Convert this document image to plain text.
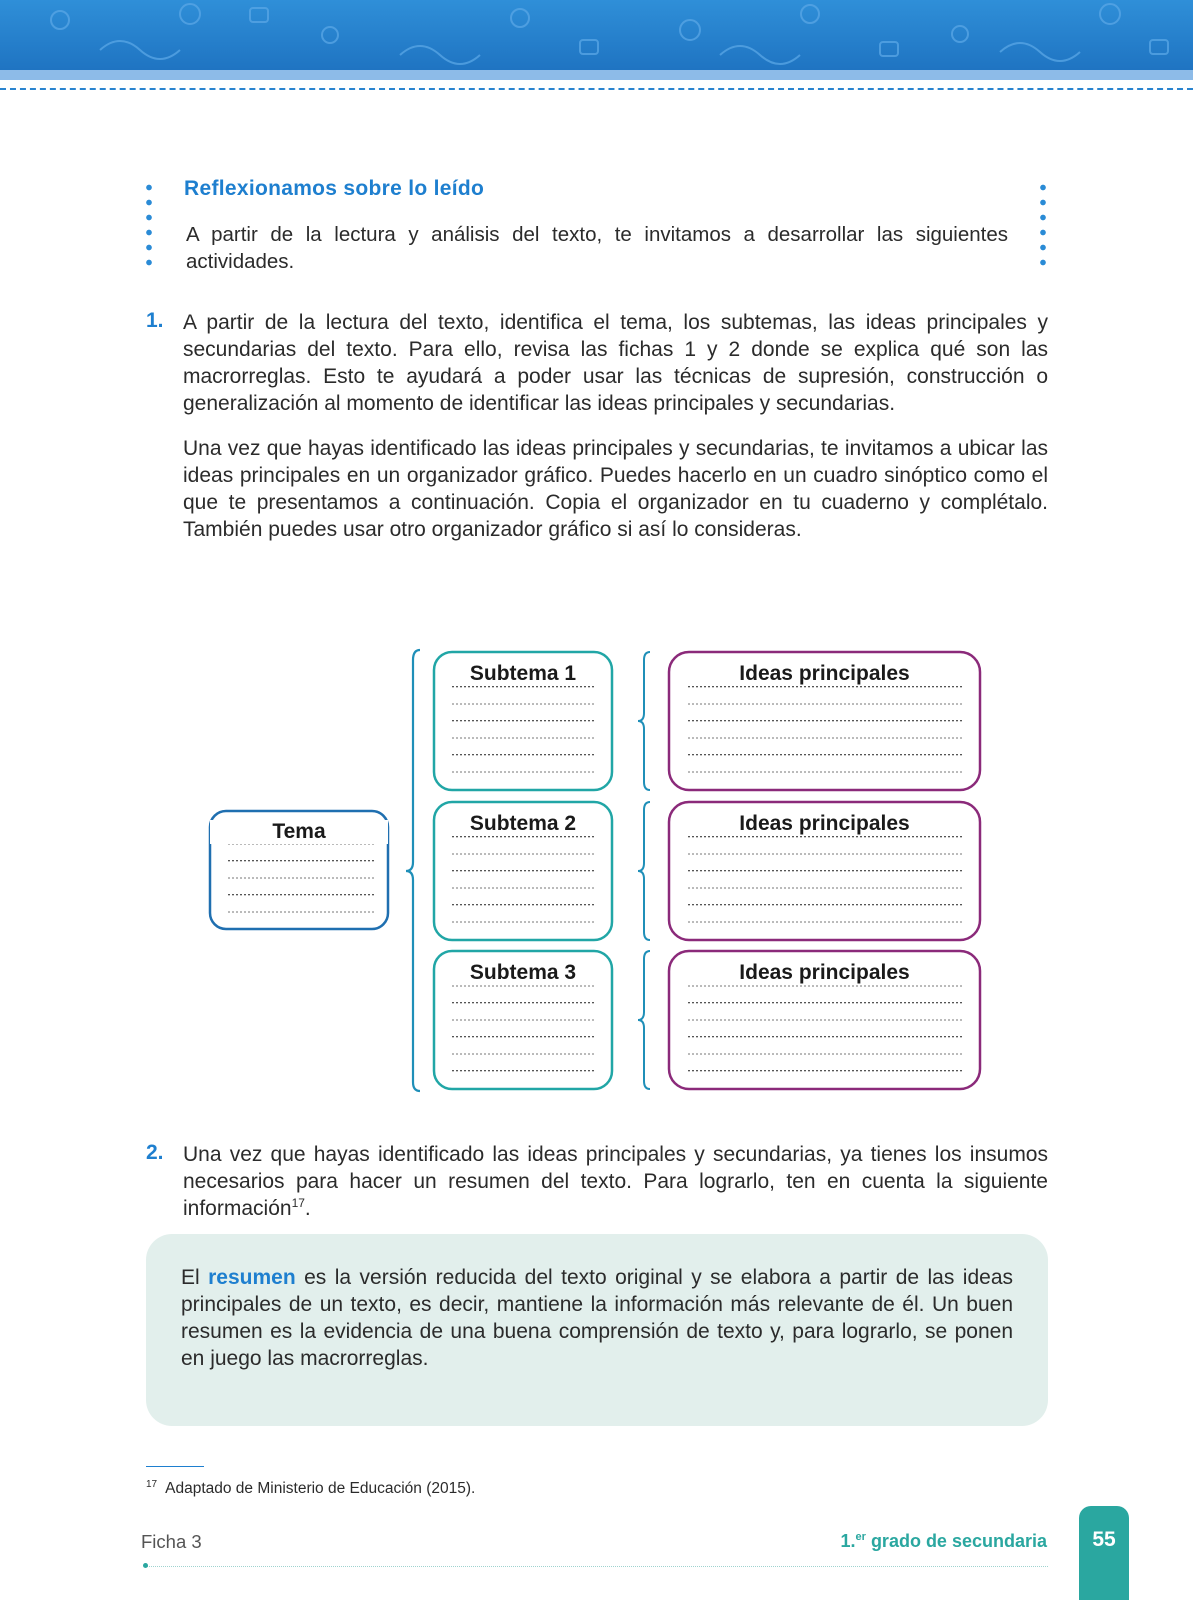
Reflexionamos sobre lo leído
A partir de la lectura y análisis del texto, te invitamos a desarrollar las siguientes actividades.
1. A partir de la lectura del texto, identifica el tema, los subtemas, las ideas principales y secundarias del texto. Para ello, revisa las fichas 1 y 2 donde se explica qué son las macrorreglas. Esto te ayudará a poder usar las técnicas de supresión, construcción o generalización al momento de identificar las ideas principales y secundarias.

Una vez que hayas identificado las ideas principales y secundarias, te invitamos a ubicar las ideas principales en un organizador gráfico. Puedes hacerlo en un cuadro sinóptico como el que te presentamos a continuación. Copia el organizador en tu cuaderno y complétalo. También puedes usar otro organizador gráfico si así lo consideras.

Tema
Subtema 1
Subtema 2
Subtema 3
Ideas principales
Ideas principales
Ideas principales
2. Una vez que hayas identificado las ideas principales y secundarias, ya tienes los insumos necesarios para hacer un resumen del texto. Para lograrlo, ten en cuenta la siguiente información$^{17}$.

El resumen es la versión reducida del texto original y se elabora a partir de las ideas principales de un texto, es decir, mantiene la información más relevante de él. Un buen resumen es la evidencia de una buena comprensión de texto y, para lograrlo, se ponen en juego las macrorreglas.
$^{17}$ Adaptado de Ministerio de Educación (2015).
Ficha 3	1.$^{er}$ grado de secundaria	55
